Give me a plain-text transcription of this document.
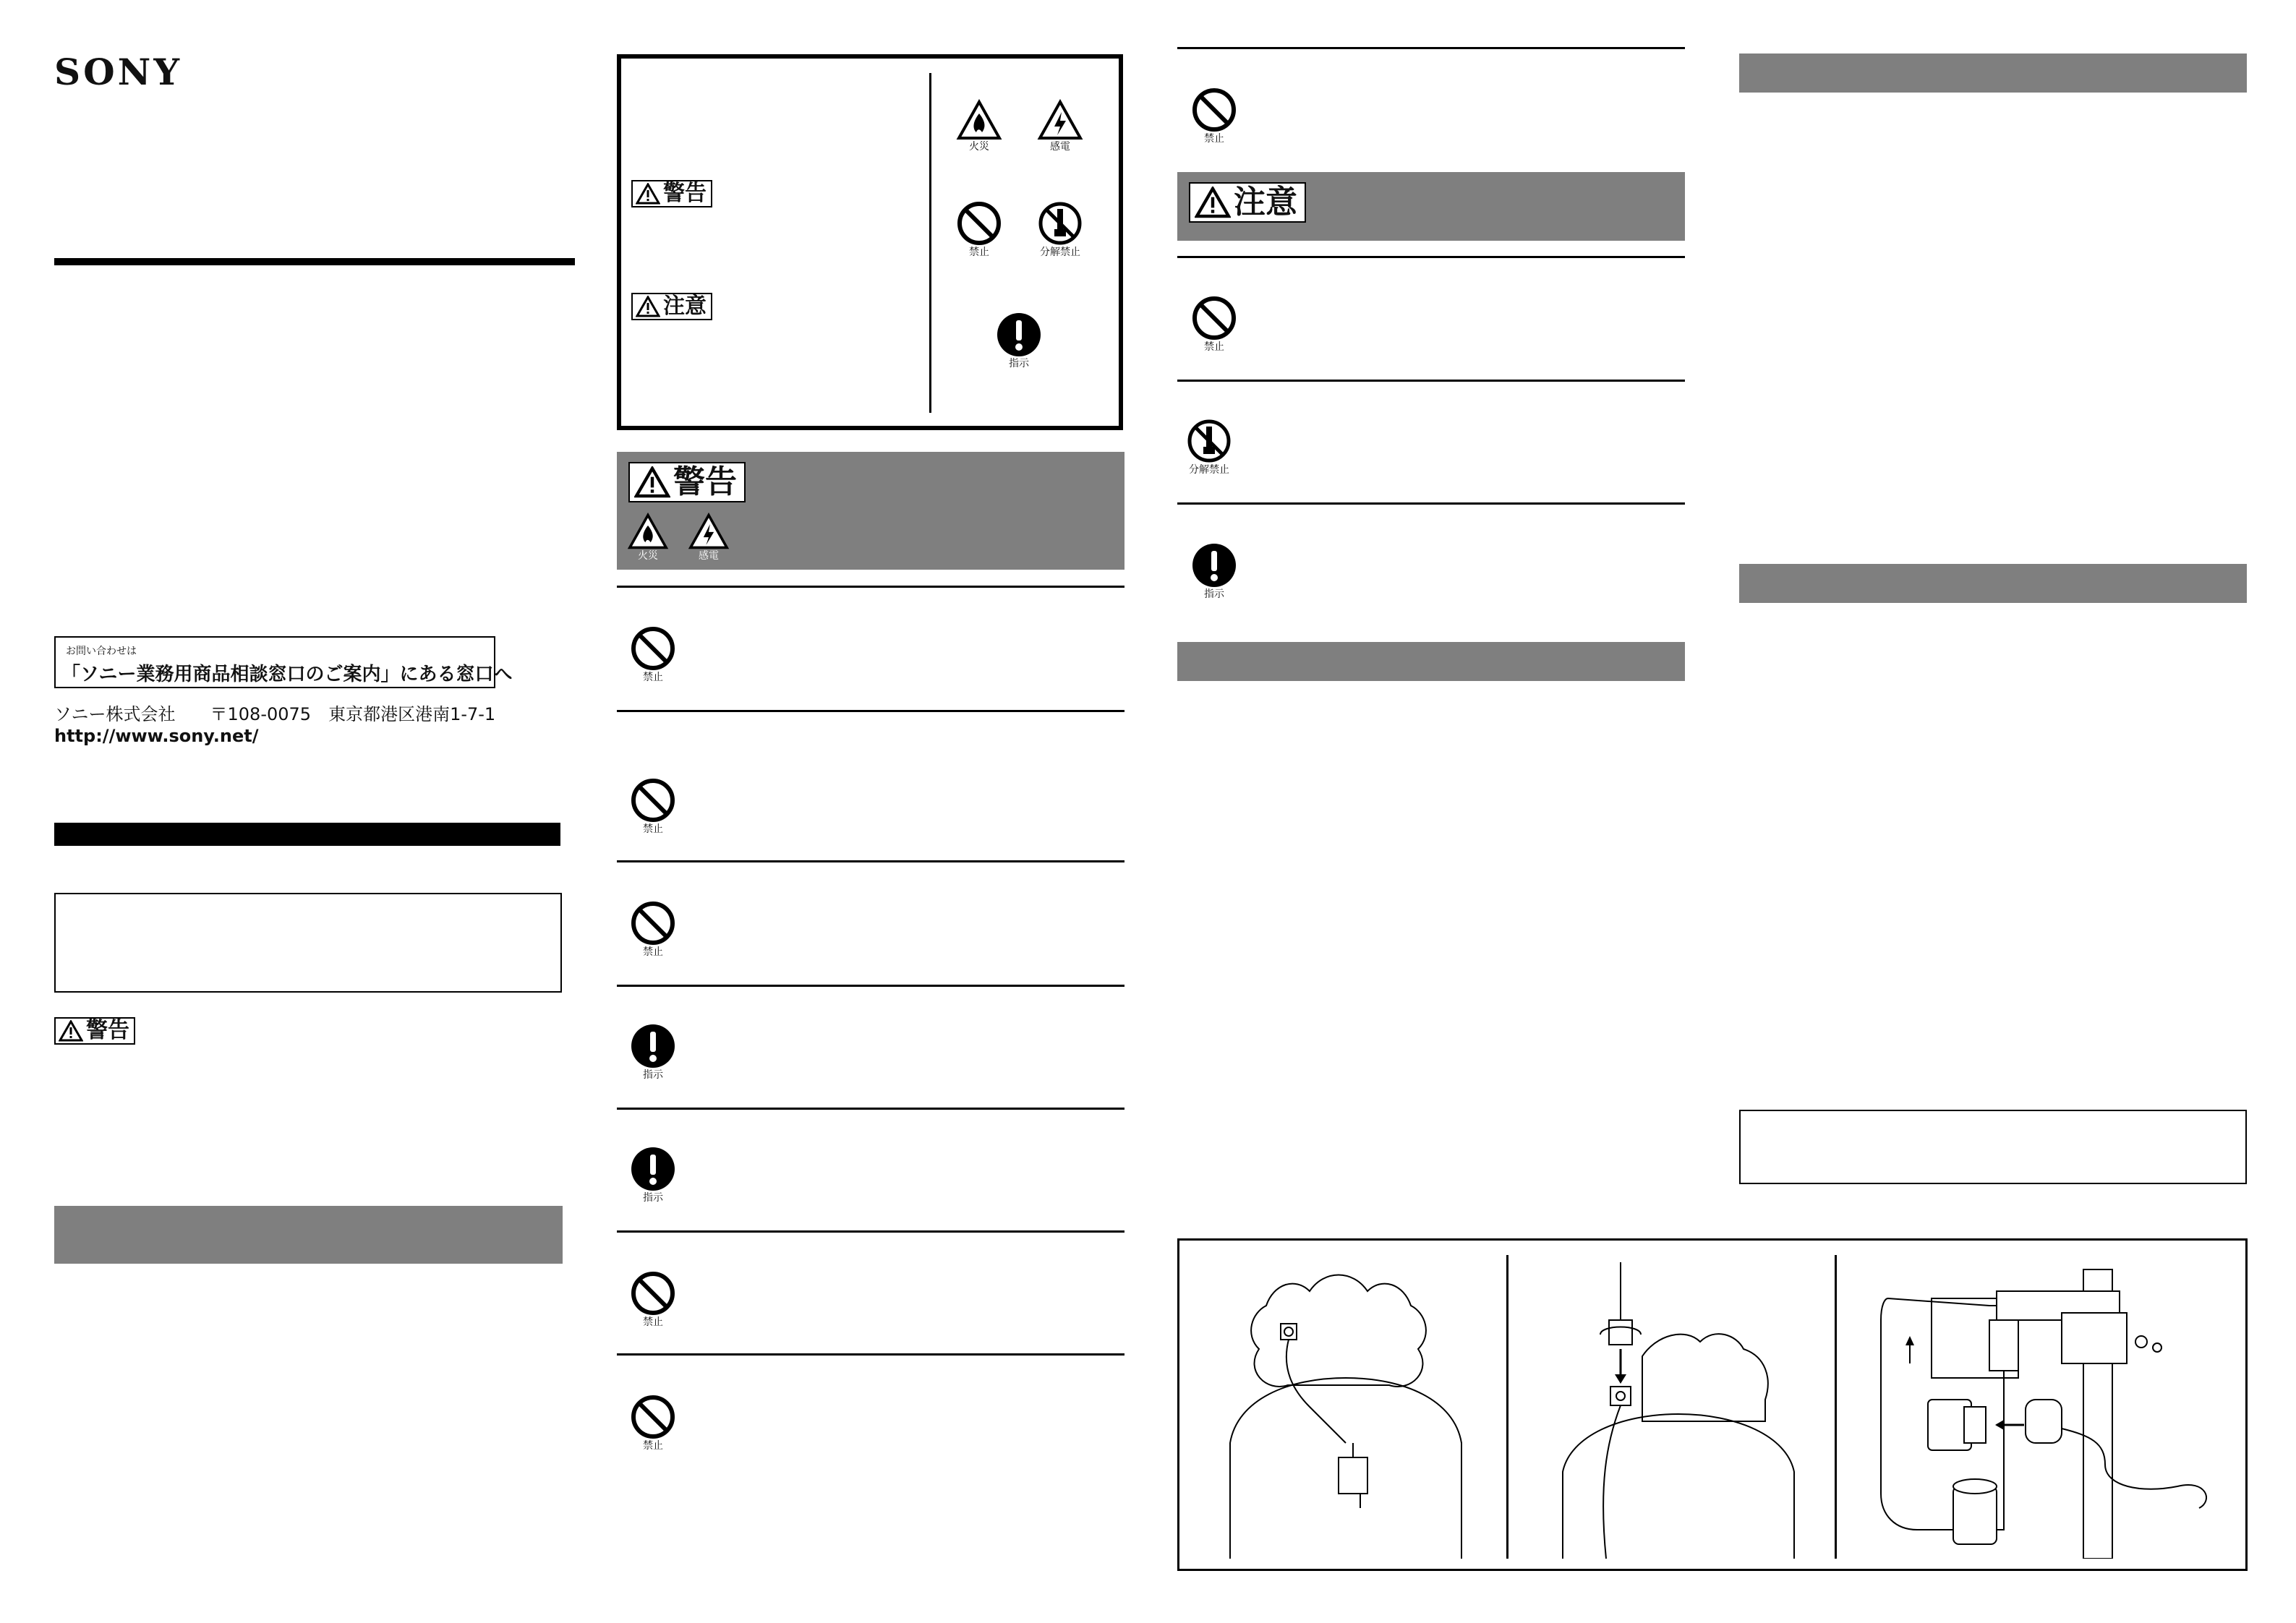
SONY
お問い合わせは
「ソニー業務用商品相談窓口のご案内」にある窓口へ
ソニー株式会社　　〒108-0075　東京都港区港南1-7-1
http://www.sony.net/
警告
警告
注意
火災	感電
禁止	分解禁止
指示
警告
火災	感電
禁止
禁止
禁止
指示
指示
禁止
禁止
禁止
注意
禁止
分解禁止
指示
